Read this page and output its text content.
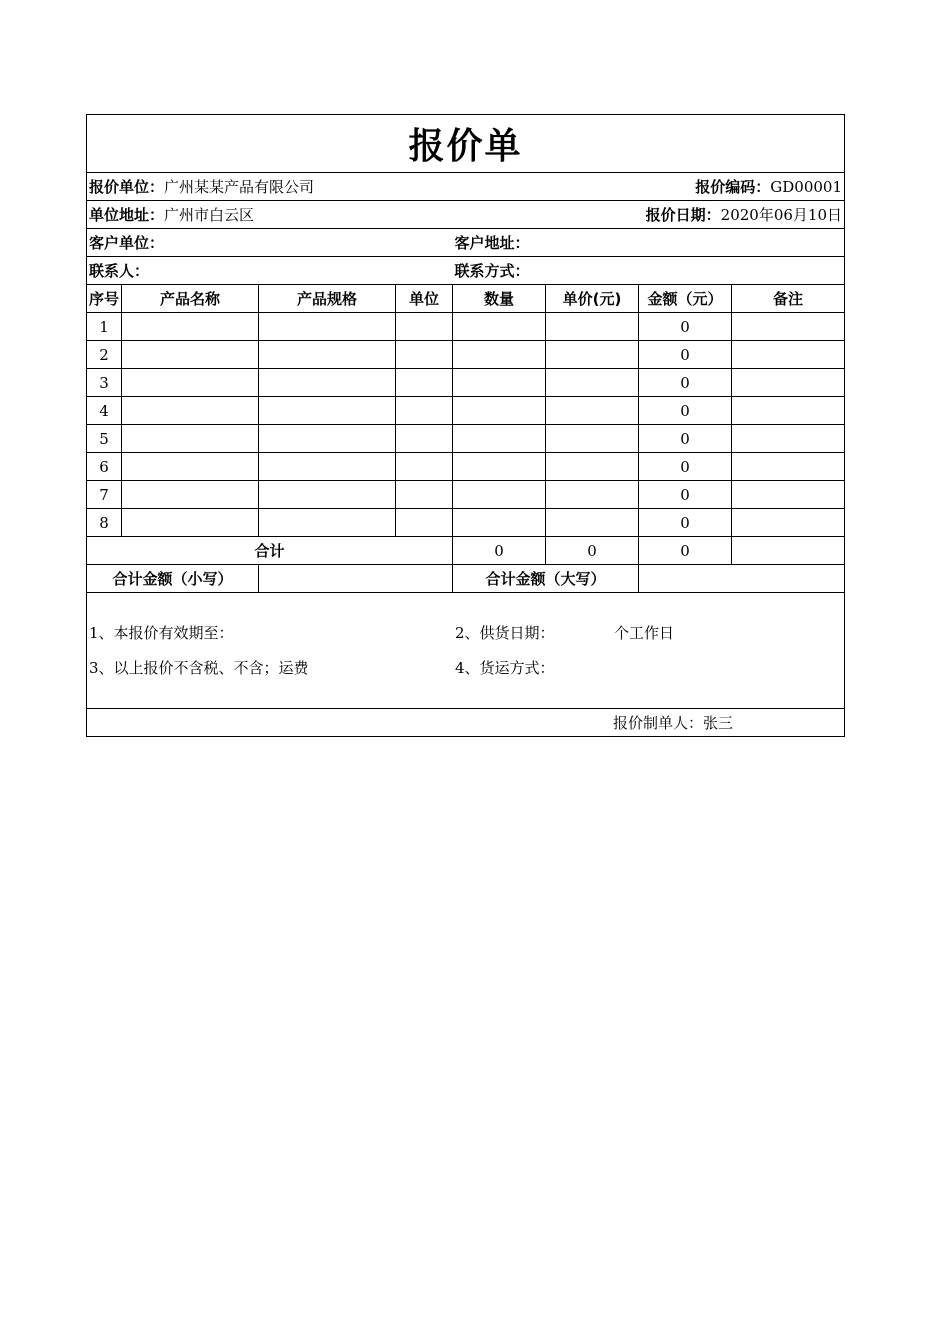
报价单							
报价单位：广州某某产品有限公司				报价编码：GD00001			
单位地址：广州市白云区				报价日期：2020年06月10日			
客户单位：				客户地址：			
联系人：				联系方式：			
序号	产品名称	产品规格	单位	数量	单价(元)	金额（元）	备注
1						0	
2						0	
3						0	
4						0	
5						0	
6						0	
7						0	
8						0	
合计				0	0	0	
合计金额（小写）				合计金额（大写）			

1、本报价有效期至： 2、供货日期： 个工作日
3、以上报价不含税、不含；运费 4、货运方式：							

报价制单人：张三							
